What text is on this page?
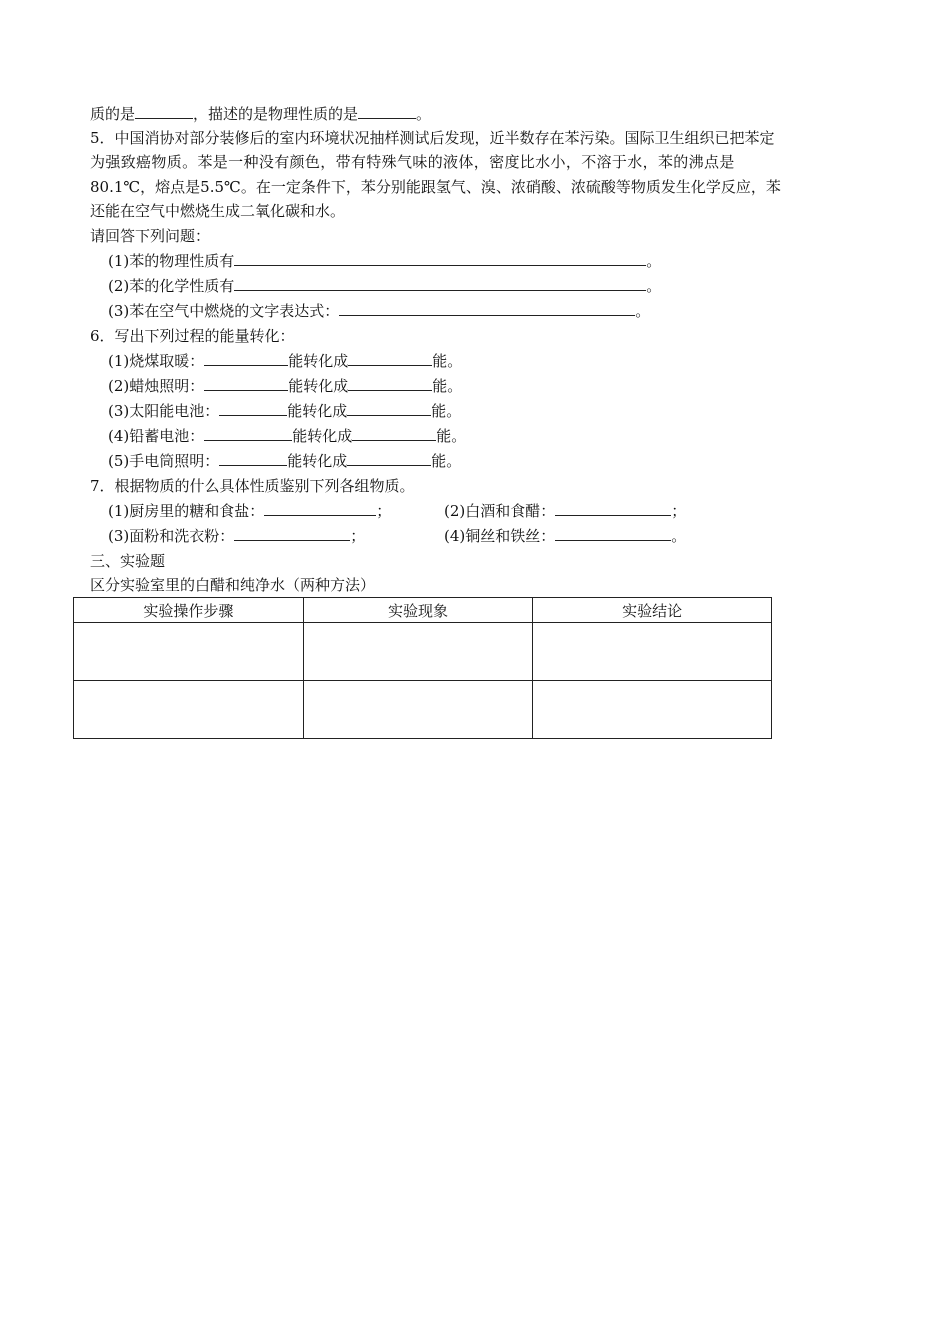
质的是	，描述的是物理性质的是	。
5．中国消协对部分装修后的室内环境状况抽样测试后发现，近半数存在苯污染。国际卫生组织已把苯定
为强致癌物质。苯是一种没有颜色，带有特殊气味的液体，密度比水小，不溶于水，苯的沸点是
80.1℃，熔点是5.5℃。在一定条件下，苯分别能跟氢气、溴、浓硝酸、浓硫酸等物质发生化学反应，苯
还能在空气中燃烧生成二氧化碳和水。
请回答下列问题：
(1)苯的物理性质有	。
(2)苯的化学性质有	。
(3)苯在空气中燃烧的文字表达式：	。
6．写出下列过程的能量转化：
(1)烧煤取暖：	能转化成	能。
(2)蜡烛照明：	能转化成	能。
(3)太阳能电池：	能转化成	能。
(4)铅蓄电池：	能转化成	能。
(5)手电筒照明：	能转化成	能。
7．根据物质的什么具体性质鉴别下列各组物质。
(1)厨房里的糖和食盐：	；	(2)白酒和食醋：	；
(3)面粉和洗衣粉：	；	(4)铜丝和铁丝：	。
三、实验题
区分实验室里的白醋和纯净水（两种方法）
实验操作步骤	实验现象	实验结论
